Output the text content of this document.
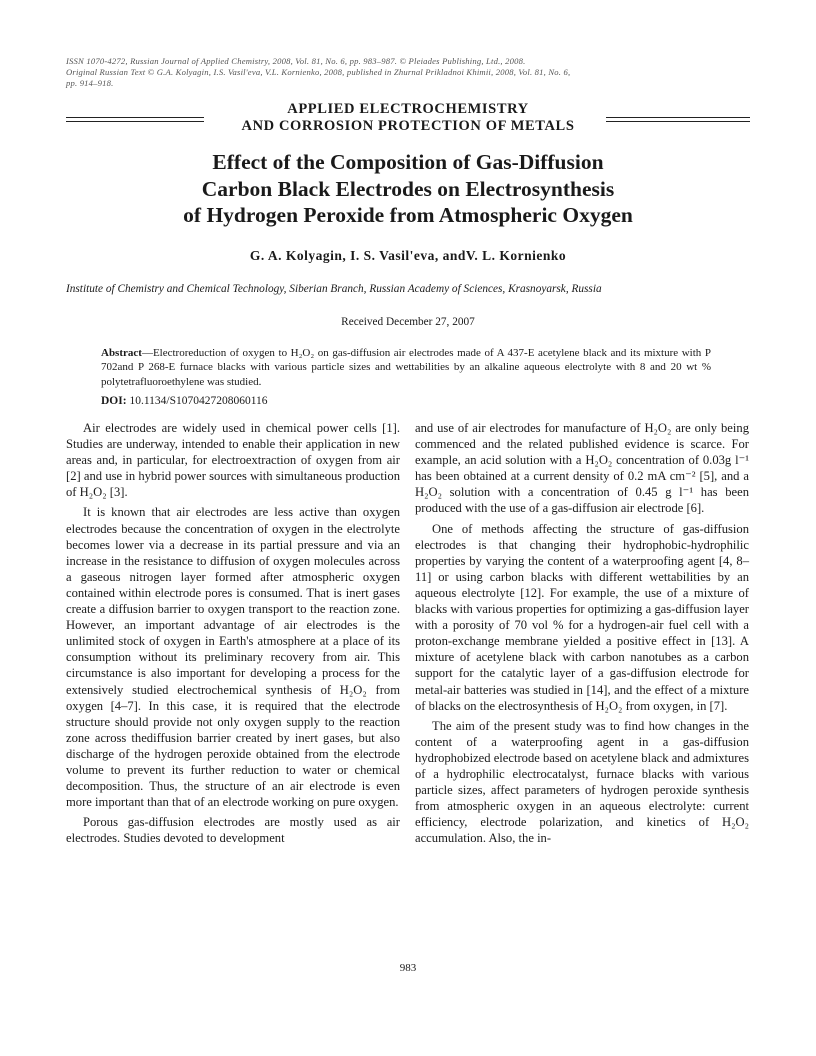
ISSN 1070-4272, Russian Journal of Applied Chemistry, 2008, Vol. 81, No. 6, pp. 983–987. © Pleiades Publishing, Ltd., 2008.
Original Russian Text © G.A. Kolyagin, I.S. Vasil'eva, V.L. Kornienko, 2008, published in Zhurnal Prikladnoi Khimii, 2008, Vol. 81, No. 6,
pp. 914–918.
APPLIED ELECTROCHEMISTRY
AND CORROSION PROTECTION OF METALS
Effect of the Composition of Gas-Diffusion
Carbon Black Electrodes on Electrosynthesis
of Hydrogen Peroxide from Atmospheric Oxygen
G. A. Kolyagin, I. S. Vasil'eva, andV. L. Kornienko
Institute of Chemistry and Chemical Technology, Siberian Branch, Russian Academy of Sciences, Krasnoyarsk, Russia
Received December 27, 2007
Abstract—Electroreduction of oxygen to H₂O₂ on gas-diffusion air electrodes made of A 437-E acetylene black and its mixture with P 702and P 268-E furnace blacks with various particle sizes and wettabilities by an alkaline aqueous electrolyte with 8 and 20 wt % polytetrafluoroethylene was studied.
DOI: 10.1134/S1070427208060116

Air electrodes are widely used in chemical power cells [1]. Studies are underway, intended to enable their application in new areas and, in particular, for electroextraction of oxygen from air [2] and use in hybrid power sources with simultaneous production of H₂O₂ [3].

It is known that air electrodes are less active than oxygen electrodes because the concentration of oxygen in the electrolyte becomes lower via a decrease in its partial pressure and via an increase in the resistance to diffusion of oxygen molecules across a gaseous nitrogen layer formed after atmospheric oxygen contained within electrode pores is consumed. That is inert gases create a diffusion barrier to oxygen transport to the reaction zone. However, an important advantage of air electrodes is the unlimited stock of oxygen in Earth's atmosphere at a place of its consumption without its preliminary recovery from air. This circumstance is also important for developing a process for the extensively studied electrochemical synthesis of H₂O₂ from oxygen [4–7]. In this case, it is required that the electrode structure should provide not only oxygen supply to the reaction zone across thediffusion barrier created by inert gases, but also discharge of the hydrogen peroxide obtained from the electrode volume to prevent its further reduction to water or chemical decomposition. Thus, the structure of an air electrode is even more important than that of an electrode working on pure oxygen.

Porous gas-diffusion electrodes are mostly used as air electrodes. Studies devoted to development

and use of air electrodes for manufacture of H₂O₂ are only being commenced and the related published evidence is scarce. For example, an acid solution with a H₂O₂ concentration of 0.03g l⁻¹ has been obtained at a current density of 0.2 mA cm⁻² [5], and a H₂O₂ solution with a concentration of 0.45 g l⁻¹ has been produced with the use of a gas-diffusion air electrode [6].

One of methods affecting the structure of gas-diffusion electrodes is that changing their hydrophobic-hydrophilic properties by varying the content of a waterproofing agent [4, 8–11] or using carbon blacks with different wettabilities by an aqueous electrolyte [12]. For example, the use of a mixture of blacks with various properties for optimizing a gas-diffusion layer with a porosity of 70 vol % for a hydrogen-air fuel cell with a proton-exchange membrane yielded a positive effect in [13]. A mixture of acetylene black with carbon nanotubes as a carbon support for the catalytic layer of a gas-diffusion electrode for metal-air batteries was studied in [14], and the effect of a mixture of blacks on the electrosynthesis of H₂O₂ from oxygen, in [7].

The aim of the present study was to find how changes in the content of a waterproofing agent in a gas-diffusion hydrophobized electrode based on acetylene black and admixtures of a hydrophilic electrocatalyst, furnace blacks with various particle sizes, affect parameters of hydrogen peroxide synthesis from atmospheric oxygen in an aqueous electrolyte: current efficiency, electrode polarization, and kinetics of H₂O₂ accumulation. Also, the in-

983
